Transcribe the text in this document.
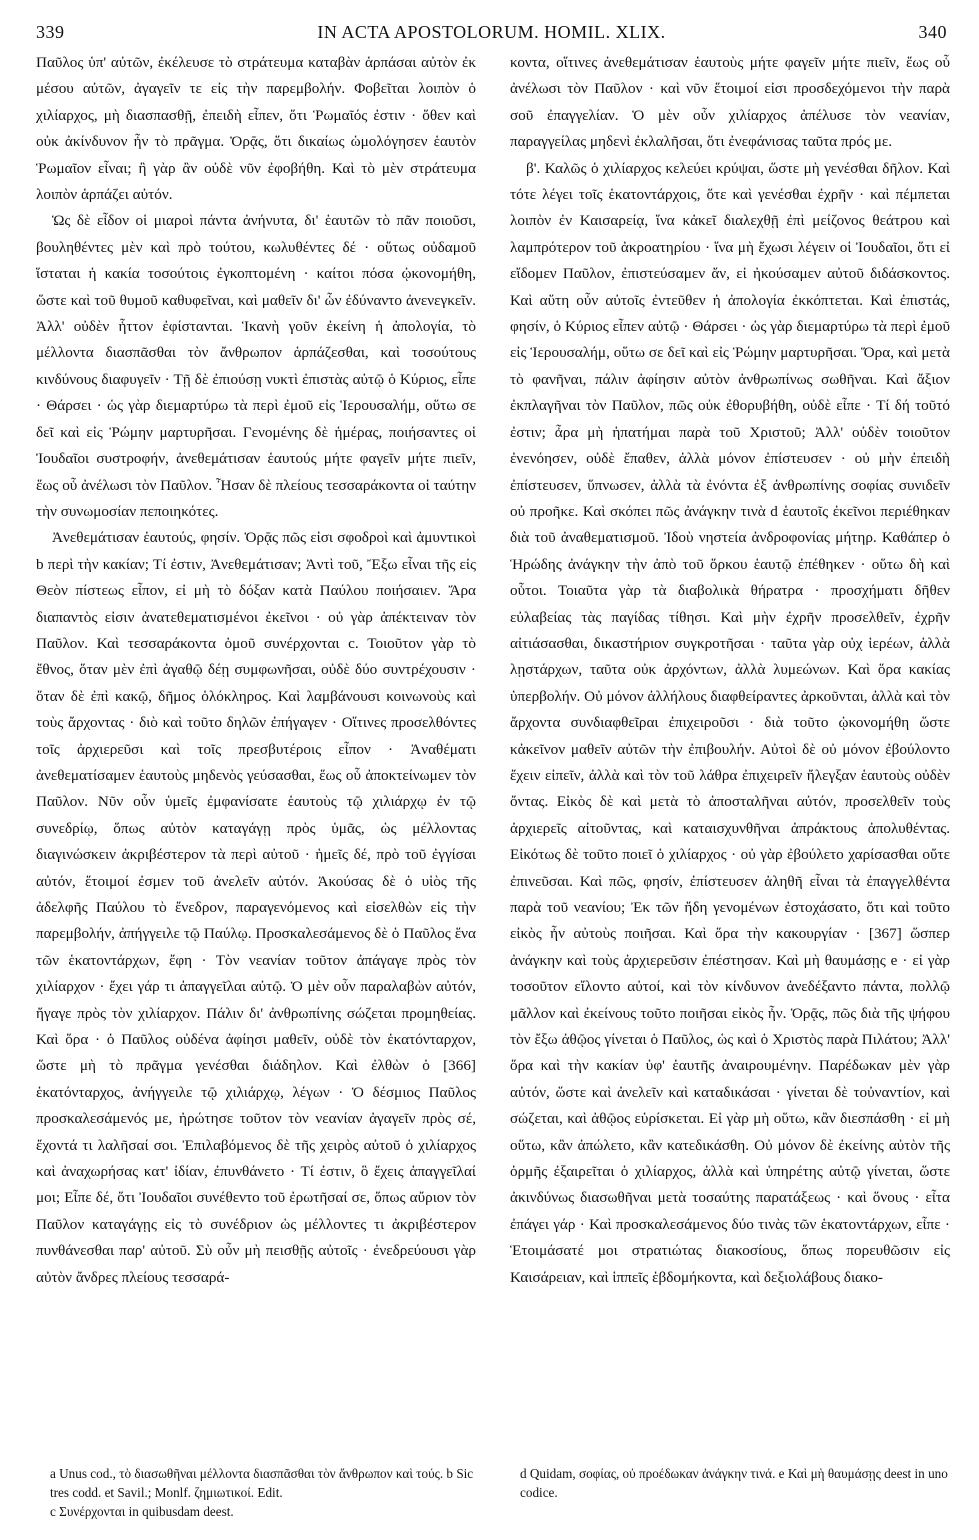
339	IN ACTA APOSTOLORUM. HOMIL. XLIX.	340

Παῦλος ὑπ' αὐτῶν, ἐκέλευσε τὸ στράτευμα καταβὰν ἁρπάσαι αὐτὸν ἐκ μέσου αὐτῶν, ἀγαγεῖν τε εἰς τὴν παρεμβολήν. Φοβεῖται λοιπὸν ὁ χιλίαρχος, μὴ διασπασθῇ, ἐπειδὴ εἶπεν, ὅτι Ῥωμαῖός ἐστιν · ὅθεν καὶ οὐκ ἀκίνδυνον ἦν τὸ πρᾶγμα. Ὁρᾷς, ὅτι δικαίως ὡμολόγησεν ἑαυτὸν Ῥωμαῖον εἶναι; ἢ γὰρ ἂν οὐδὲ νῦν ἐφοβήθη. Καὶ τὸ μὲν στράτευμα λοιπὸν ἁρπάζει αὐτόν.

Ὡς δὲ εἶδον οἱ μιαροὶ πάντα ἀνήνυτα, δι' ἑαυτῶν τὸ πᾶν ποιοῦσι, βουληθέντες μὲν καὶ πρὸ τούτου, κωλυθέντες δέ · οὕτως οὐδαμοῦ ἵσταται ἡ κακία τοσούτοις ἐγκοπτομένη · καίτοι πόσα ᾠκονομήθη, ὥστε καὶ τοῦ θυμοῦ καθυφεῖναι, καὶ μαθεῖν δι' ὧν ἐδύναντο ἀνενεγκεῖν. Ἀλλ' οὐδὲν ἧττον ἐφίστανται. Ἱκανὴ γοῦν ἐκείνη ἡ ἀπολογία, τὸ μέλλοντα διασπᾶσθαι τὸν ἄνθρωπον ἁρπάζεσθαι, καὶ τοσούτους κινδύνους διαφυγεῖν · Τῇ δὲ ἐπιούσῃ νυκτὶ ἐπιστὰς αὐτῷ ὁ Κύριος, εἶπε · Θάρσει · ὡς γὰρ διεμαρτύρω τὰ περὶ ἐμοῦ εἰς Ἱερουσαλήμ, οὕτω σε δεῖ καὶ εἰς Ῥώμην μαρτυρῆσαι. Γενομένης δὲ ἡμέρας, ποιήσαντες οἱ Ἰουδαῖοι συστροφήν, ἀνεθεμάτισαν ἑαυτούς μήτε φαγεῖν μήτε πιεῖν, ἕως οὗ ἀνέλωσι τὸν Παῦλον. Ἦσαν δὲ πλείους τεσσαράκοντα οἱ ταύτην τὴν συνωμοσίαν πεποιηκότες.

Ἀνεθεμάτισαν ἑαυτούς, φησίν. Ὁρᾷς πῶς εἰσι σφοδροὶ καὶ ἀμυντικοὶ b περὶ τὴν κακίαν; Τί ἐστιν, Ἀνεθεμάτισαν; Ἀντὶ τοῦ, Ἔξω εἶναι τῆς εἰς Θεὸν πίστεως εἶπον, εἰ μὴ τὸ δόξαν κατὰ Παύλου ποιήσαιεν. Ἄρα διαπαντὸς εἰσιν ἀνατεθεματισμένοι ἐκεῖνοι · οὐ γὰρ ἀπέκτειναν τὸν Παῦλον. Καὶ τεσσαράκοντα ὁμοῦ συνέρχονται c. Τοιοῦτον γὰρ τὸ ἔθνος, ὅταν μὲν ἐπὶ ἀγαθῷ δέῃ συμφωνῆσαι, οὐδὲ δύο συντρέχουσιν · ὅταν δὲ ἐπὶ κακῷ, δῆμος ὁλόκληρος. Καὶ λαμβάνουσι κοινωνοὺς καὶ τοὺς ἄρχοντας · διὸ καὶ τοῦτο δηλῶν ἐπήγαγεν · Οἵτινες προσελθόντες τοῖς ἀρχιερεῦσι καὶ τοῖς πρεσβυτέροις εἶπον · Ἀναθέματι ἀνεθεματίσαμεν ἑαυτοὺς μηδενὸς γεύσασθαι, ἕως οὗ ἀποκτείνωμεν τὸν Παῦλον. Νῦν οὖν ὑμεῖς ἐμφανίσατε ἑαυτοὺς τῷ χιλιάρχῳ ἐν τῷ συνεδρίῳ, ὅπως αὐτὸν καταγάγῃ πρὸς ὑμᾶς, ὡς μέλλοντας διαγινώσκειν ἀκριβέστερον τὰ περὶ αὐτοῦ · ἡμεῖς δέ, πρὸ τοῦ ἐγγίσαι αὐτόν, ἕτοιμοί ἐσμεν τοῦ ἀνελεῖν αὐτόν. Ἀκούσας δὲ ὁ υἱὸς τῆς ἀδελφῆς Παύλου τὸ ἔνεδρον, παραγενόμενος καὶ εἰσελθὼν εἰς τὴν παρεμβολήν, ἀπήγγειλε τῷ Παύλῳ. Προσκαλεσάμενος δὲ ὁ Παῦλος ἕνα τῶν ἑκατοντάρχων, ἔφη · Τὸν νεανίαν τοῦτον ἀπάγαγε πρὸς τὸν χιλίαρχον · ἔχει γάρ τι ἀπαγγεῖλαι αὐτῷ. Ὁ μὲν οὖν παραλαβὼν αὐτόν, ἤγαγε πρὸς τὸν χιλίαρχον. Πάλιν δι' ἀνθρωπίνης σώζεται προμηθείας. Καὶ ὅρα · ὁ Παῦλος οὐδένα ἀφίησι μαθεῖν, οὐδὲ τὸν ἑκατόνταρχον, ὥστε μὴ τὸ πρᾶγμα γενέσθαι διάδηλον. Καὶ ἐλθὼν ὁ [366] ἑκατόνταρχος, ἀνήγγειλε τῷ χιλιάρχῳ, λέγων · Ὁ δέσμιος Παῦλος προσκαλεσάμενός με, ἠρώτησε τοῦτον τὸν νεανίαν ἀγαγεῖν πρὸς σέ, ἔχοντά τι λαλῆσαί σοι. Ἐπιλαβόμενος δὲ τῆς χειρὸς αὐτοῦ ὁ χιλίαρχος καὶ ἀναχωρήσας κατ' ἰδίαν, ἐπυνθάνετο · Τί ἐστιν, ὃ ἔχεις ἀπαγγεῖλαί μοι; Εἶπε δέ, ὅτι Ἰουδαῖοι συνέθεντο τοῦ ἐρωτῆσαί σε, ὅπως αὔριον τὸν Παῦλον καταγάγῃς εἰς τὸ συνέδριον ὡς μέλλοντες τι ἀκριβέστερον πυνθάνεσθαι παρ' αὐτοῦ. Σὺ οὖν μὴ πεισθῇς αὐτοῖς · ἐνεδρεύουσι γὰρ αὐτὸν ἄνδρες πλείους τεσσαρά-

κοντα, οἵτινες ἀνεθεμάτισαν ἑαυτοὺς μήτε φαγεῖν μήτε πιεῖν, ἕως οὗ ἀνέλωσι τὸν Παῦλον · καὶ νῦν ἕτοιμοί εἰσι προσδεχόμενοι τὴν παρὰ σοῦ ἐπαγγελίαν. Ὁ μὲν οὖν χιλίαρχος ἀπέλυσε τὸν νεανίαν, παραγγείλας μηδενὶ ἐκλαλῆσαι, ὅτι ἐνεφάνισας ταῦτα πρός με.

β'. Καλῶς ὁ χιλίαρχος κελεύει κρύψαι, ὥστε μὴ γενέσθαι δῆλον. Καὶ τότε λέγει τοῖς ἑκατοντάρχοις, ὅτε καὶ γενέσθαι ἐχρῆν · καὶ πέμπεται λοιπὸν ἐν Καισαρείᾳ, ἵνα κἀκεῖ διαλεχθῇ ἐπὶ μείζονος θεάτρου καὶ λαμπρότερον τοῦ ἀκροατηρίου · ἵνα μὴ ἔχωσι λέγειν οἱ Ἰουδαῖοι, ὅτι εἰ εἴδομεν Παῦλον, ἐπιστεύσαμεν ἄν, εἰ ἠκούσαμεν αὐτοῦ διδάσκοντος. Καὶ αὕτη οὖν αὐτοῖς ἐντεῦθεν ἡ ἀπολογία ἐκκόπτεται. Καὶ ἐπιστάς, φησίν, ὁ Κύριος εἶπεν αὐτῷ · Θάρσει · ὡς γὰρ διεμαρτύρω τὰ περὶ ἐμοῦ εἰς Ἱερουσαλήμ, οὕτω σε δεῖ καὶ εἰς Ῥώμην μαρτυρῆσαι. Ὅρα, καὶ μετὰ τὸ φανῆναι, πάλιν ἀφίησιν αὐτὸν ἀνθρωπίνως σωθῆναι. Καὶ ἄξιον ἐκπλαγῆναι τὸν Παῦλον, πῶς οὐκ ἐθορυβήθη, οὐδὲ εἶπε · Τί δή τοῦτό ἐστιν; ἆρα μὴ ἡπατήμαι παρὰ τοῦ Χριστοῦ; Ἀλλ' οὐδὲν τοιοῦτον ἐνενόησεν, οὐδὲ ἔπαθεν, ἀλλὰ μόνον ἐπίστευσεν · οὐ μὴν ἐπειδὴ ἐπίστευσεν, ὕπνωσεν, ἀλλὰ τὰ ἐνόντα ἐξ ἀνθρωπίνης σοφίας συνιδεῖν οὐ προῆκε. Καὶ σκόπει πῶς ἀνάγκην τινὰ d ἑαυτοῖς ἐκεῖνοι περιέθηκαν διὰ τοῦ ἀναθεματισμοῦ. Ἰδοὺ νηστεία ἀνδροφονίας μήτηρ. Καθάπερ ὁ Ἡρώδης ἀνάγκην τὴν ἀπὸ τοῦ ὅρκου ἑαυτῷ ἐπέθηκεν · οὕτω δὴ καὶ οὗτοι. Τοιαῦτα γὰρ τὰ διαβολικὰ θήρατρα · προσχήματι δῆθεν εὐλαβείας τὰς παγίδας τίθησι. Καὶ μὴν ἐχρῆν προσελθεῖν, ἐχρῆν αἰτιάσασθαι, δικαστήριον συγκροτῆσαι · ταῦτα γὰρ οὐχ ἱερέων, ἀλλὰ λῃστάρχων, ταῦτα οὐκ ἀρχόντων, ἀλλὰ λυμεώνων. Καὶ ὅρα κακίας ὑπερβολήν. Οὐ μόνον ἀλλήλους διαφθείραντες ἀρκοῦνται, ἀλλὰ καὶ τὸν ἄρχοντα συνδιαφθεῖραι ἐπιχειροῦσι · διὰ τοῦτο ᾠκονομήθη ὥστε κἀκεῖνον μαθεῖν αὐτῶν τὴν ἐπιβουλήν. Αὐτοὶ δὲ οὐ μόνον ἐβούλοντο ἔχειν εἰπεῖν, ἀλλὰ καὶ τὸν τοῦ λάθρα ἐπιχειρεῖν ἤλεγξαν ἑαυτοὺς οὐδὲν ὄντας. Εἰκὸς δὲ καὶ μετὰ τὸ ἀποσταλῆναι αὐτόν, προσελθεῖν τοὺς ἀρχιερεῖς αἰτοῦντας, καὶ καταισχυνθῆναι ἀπράκτους ἀπολυθέντας. Εἰκότως δὲ τοῦτο ποιεῖ ὁ χιλίαρχος · οὐ γὰρ ἐβούλετο χαρίσασθαι οὔτε ἐπινεῦσαι. Καὶ πῶς, φησίν, ἐπίστευσεν ἀληθῆ εἶναι τὰ ἐπαγγελθέντα παρὰ τοῦ νεανίου; Ἐκ τῶν ἤδη γενομένων ἐστοχάσατο, ὅτι καὶ τοῦτο εἰκὸς ἦν αὐτοὺς ποιῆσαι. Καὶ ὅρα τὴν κακουργίαν · [367] ὥσπερ ἀνάγκην καὶ τοὺς ἀρχιερεῦσιν ἐπέστησαν. Καὶ μὴ θαυμάσῃς e · εἰ γὰρ τοσοῦτον εἴλοντο αὐτοί, καὶ τὸν κίνδυνον ἀνεδέξαντο πάντα, πολλῷ μᾶλλον καὶ ἐκείνους τοῦτο ποιῆσαι εἰκὸς ἦν. Ὁρᾷς, πῶς διὰ τῆς ψήφου τὸν ἔξω ἀθῷος γίνεται ὁ Παῦλος, ὡς καὶ ὁ Χριστὸς παρὰ Πιλάτου; Ἀλλ' ὅρα καὶ τὴν κακίαν ὑφ' ἑαυτῆς ἀναιρουμένην. Παρέδωκαν μὲν γὰρ αὐτόν, ὥστε καὶ ἀνελεῖν καὶ καταδικάσαι · γίνεται δὲ τοὐναντίον, καὶ σώζεται, καὶ ἀθῷος εὑρίσκεται. Εἰ γὰρ μὴ οὕτω, κἂν διεσπάσθη · εἰ μὴ οὕτω, κἂν ἀπώλετο, κἂν κατεδικάσθη. Οὐ μόνον δὲ ἐκείνης αὐτὸν τῆς ὁρμῆς ἐξαιρεῖται ὁ χιλίαρχος, ἀλλὰ καὶ ὑπηρέτης αὐτῷ γίνεται, ὥστε ἀκινδύνως διασωθῆναι μετὰ τοσαύτης παρατάξεως · καὶ ὅνους · εἶτα ἐπάγει γάρ · Καὶ προσκαλεσάμενος δύο τινὰς τῶν ἑκατοντάρχων, εἶπε · Ἑτοιμάσατέ μοι στρατιώτας διακοσίους, ὅπως πορευθῶσιν εἰς Καισάρειαν, καὶ ἱππεῖς ἑβδομήκοντα, καὶ δεξιολάβους διακο-

a Unus cod., τὸ διασωθῆναι μέλλοντα διασπᾶσθαι τὸν ἄνθρωπον καὶ τούς. b Sic tres codd. et Savil.; Monlf. ζημιωτικοί. Edit.

c Συνέρχονται in quibusdam deest.

d Quidam, σοφίας, οὐ προέδωκαν ἀνάγκην τινά. e Καὶ μὴ θαυμάσῃς deest in uno codice.
